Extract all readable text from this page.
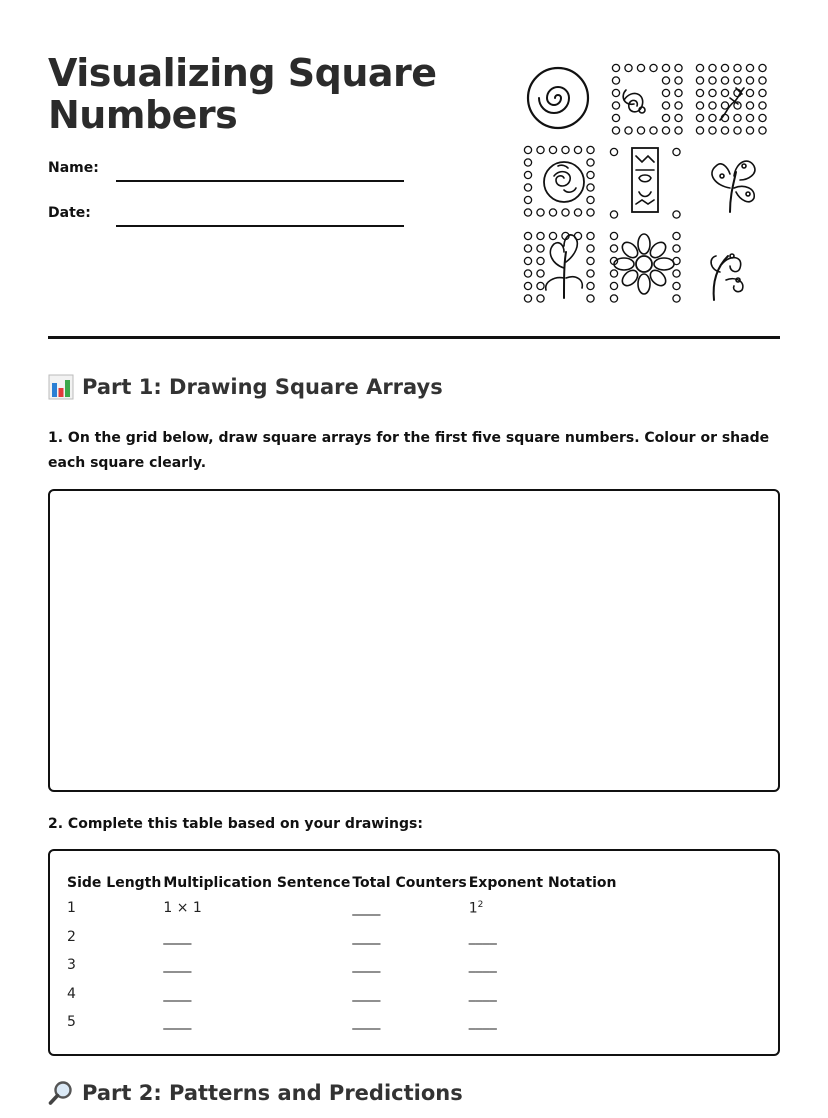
Visualizing Square Numbers
Name:
Date:
Part 1: Drawing Square Arrays

1. On the grid below, draw square arrays for the first five square numbers. Colour or shade each square clearly.

2. Complete this table based on your drawings:

Side Length	Multiplication Sentence	Total Counters	Exponent Notation
1	1 × 1	____	$1^2$
2	____	____	____
3	____	____	____
4	____	____	____
5	____	____	____
Part 2: Patterns and Predictions
